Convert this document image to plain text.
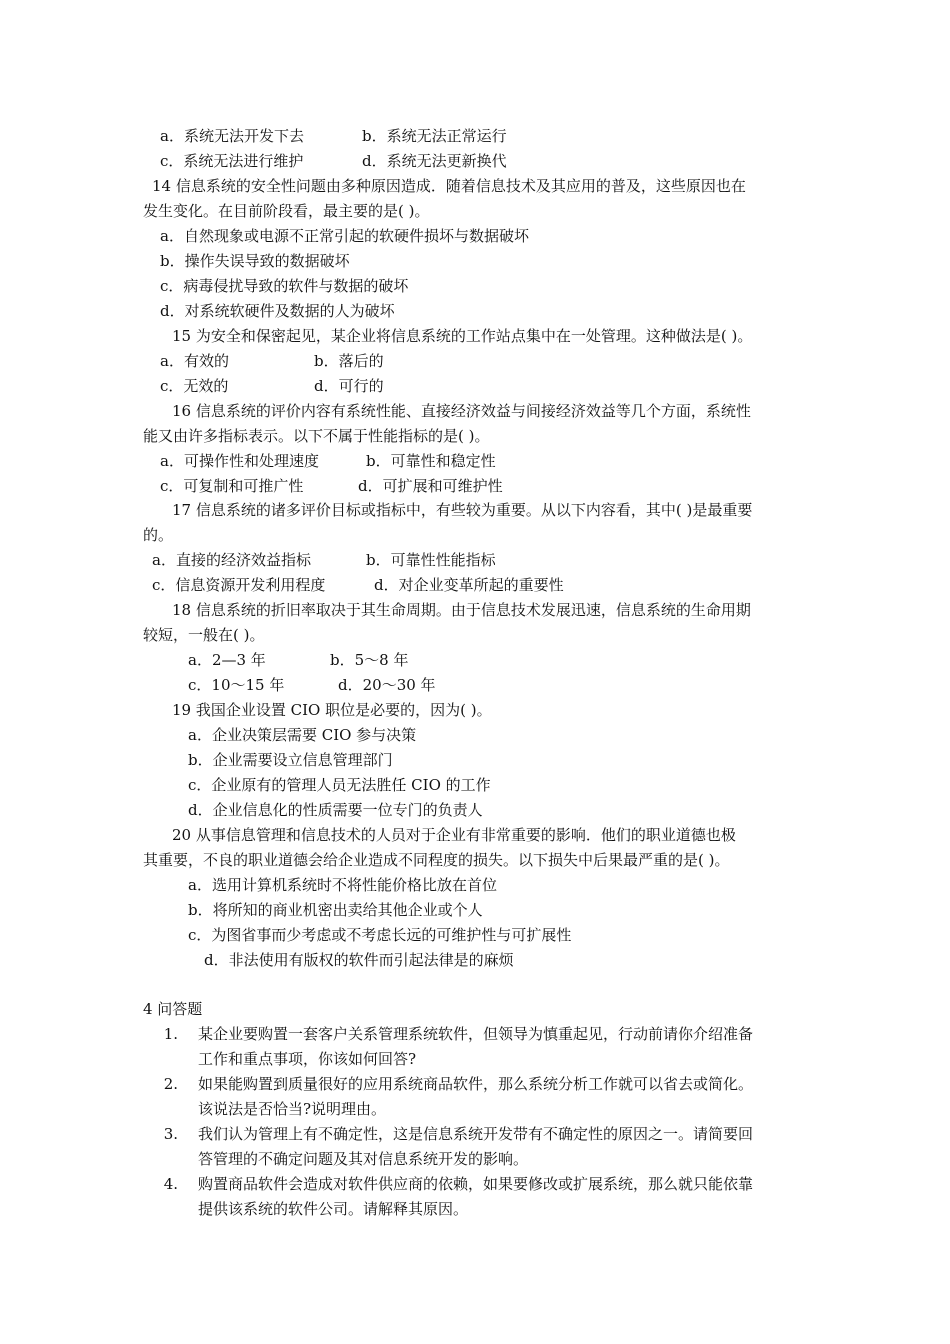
a．系统无法开发下去	b．系统无法正常运行
c．系统无法进行维护	d．系统无法更新换代
14 信息系统的安全性问题由多种原因造成．随着信息技术及其应用的普及，这些原因也在
发生变化。在目前阶段看，最主要的是( )。
a．自然现象或电源不正常引起的软硬件损坏与数据破坏
b．操作失误导致的数据破坏
c．病毒侵扰导致的软件与数据的破坏
d．对系统软硬件及数据的人为破坏
15 为安全和保密起见，某企业将信息系统的工作站点集中在一处管理。这种做法是( )。
a．有效的	b．落后的
c．无效的	d．可行的
16 信息系统的评价内容有系统性能、直接经济效益与间接经济效益等几个方面，系统性
能又由许多指标表示。以下不属于性能指标的是( )。
a．可操作性和处理速度	b．可靠性和稳定性
c．可复制和可推广性	d．可扩展和可维护性
17 信息系统的诸多评价目标或指标中，有些较为重要。从以下内容看，其中( )是最重要
的。
a．直接的经济效益指标	b．可靠性性能指标
c．信息资源开发利用程度	d．对企业变革所起的重要性
18 信息系统的折旧率取决于其生命周期。由于信息技术发展迅速，信息系统的生命用期
较短，一般在( )。
a．2—3 年	b．5～8 年
c．10～15 年	d．20～30 年
19 我国企业设置 CIO 职位是必要的，因为( )。
a．企业决策层需要 CIO 参与决策
b．企业需要设立信息管理部门
c．企业原有的管理人员无法胜任 CIO 的工作
d．企业信息化的性质需要一位专门的负责人
20 从事信息管理和信息技术的人员对于企业有非常重要的影响．他们的职业道德也极
其重要，不良的职业道德会给企业造成不同程度的损失。以下损失中后果最严重的是( )。
a．选用计算机系统时不将性能价格比放在首位
b．将所知的商业机密出卖给其他企业或个人
c．为图省事而少考虑或不考虑长远的可维护性与可扩展性
d．非法使用有版权的软件而引起法律是的麻烦
4 问答题
1. 某企业要购置一套客户关系管理系统软件，但领导为慎重起见，行动前请你介绍准备
工作和重点事项，你该如何回答?
2. 如果能购置到质量很好的应用系统商品软件，那么系统分析工作就可以省去或简化。
该说法是否恰当?说明理由。
3. 我们认为管理上有不确定性，这是信息系统开发带有不确定性的原因之一。请简要回
答管理的不确定问题及其对信息系统开发的影响。
4. 购置商品软件会造成对软件供应商的依赖，如果要修改或扩展系统，那么就只能依靠
提供该系统的软件公司。请解释其原因。
